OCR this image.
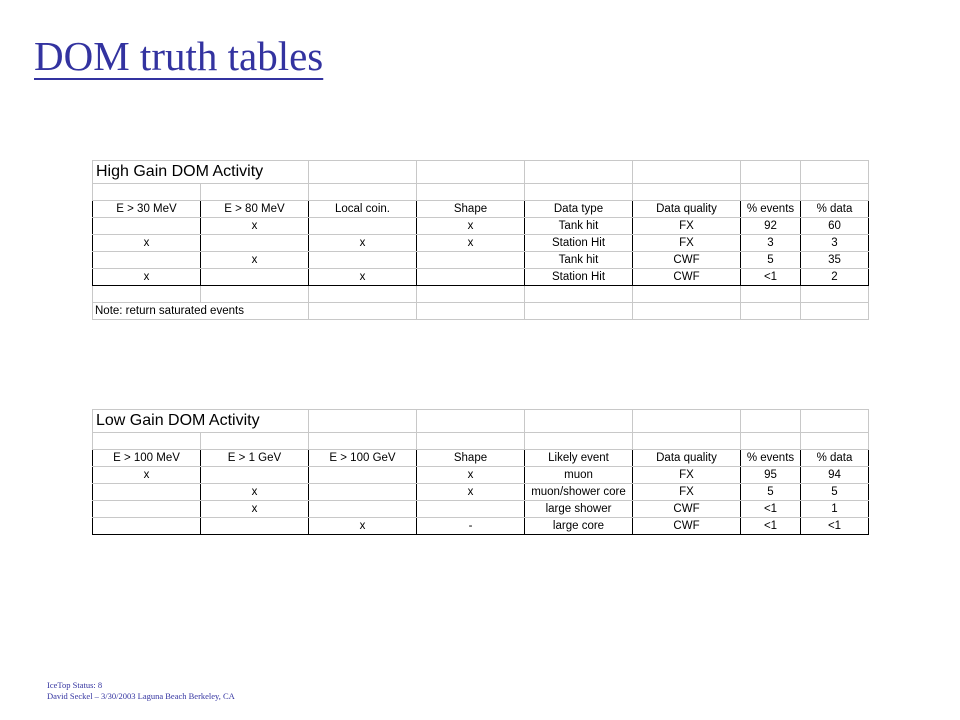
DOM truth tables
High Gain DOM Activity							

E > 30 MeV	E > 80 MeV	Local coin.	Shape	Data type	Data quality	% events	% data
	x		x	Tank hit	FX	92	60
x		x	x	Station Hit	FX	3	3
	x			Tank hit	CWF	5	35
x		x		Station Hit	CWF	<1	2

Note: return saturated events							
Low Gain DOM Activity							

E > 100 MeV	E > 1 GeV	E > 100 GeV	Shape	Likely event	Data quality	% events	% data
x			x	muon	FX	95	94
	x		x	muon/shower core	FX	5	5
	x			large shower	CWF	<1	1
		x	-	large core	CWF	<1	<1
IceTop Status: 8
David Seckel – 3/30/2003 Laguna Beach Berkeley, CA
